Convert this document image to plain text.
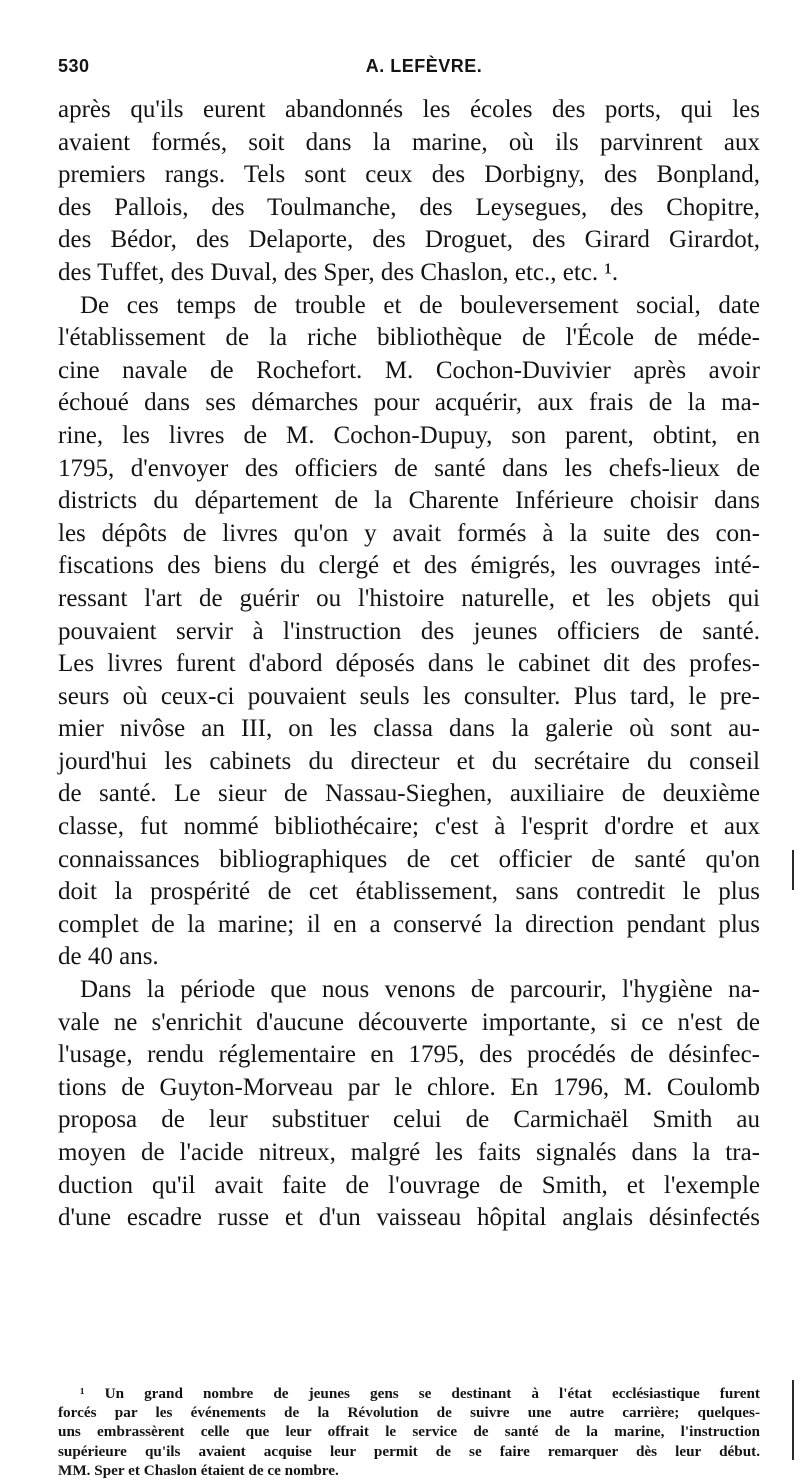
530	A. LEFÈVRE.
après qu'ils eurent abandonnés les écoles des ports, qui les
avaient formés, soit dans la marine, où ils parvinrent aux
premiers rangs. Tels sont ceux des Dorbigny, des Bonpland,
des Pallois, des Toulmanche, des Leysegues, des Chopitre,
des Bédor, des Delaporte, des Droguet, des Girard Girardot,
des Tuffet, des Duval, des Sper, des Chaslon, etc., etc. ¹.
De ces temps de trouble et de bouleversement social, date
l'établissement de la riche bibliothèque de l'École de méde-
cine navale de Rochefort. M. Cochon-Duvivier après avoir
échoué dans ses démarches pour acquérir, aux frais de la ma-
rine, les livres de M. Cochon-Dupuy, son parent, obtint, en
1795, d'envoyer des officiers de santé dans les chefs-lieux de
districts du département de la Charente Inférieure choisir dans
les dépôts de livres qu'on y avait formés à la suite des con-
fiscations des biens du clergé et des émigrés, les ouvrages inté-
ressant l'art de guérir ou l'histoire naturelle, et les objets qui
pouvaient servir à l'instruction des jeunes officiers de santé.
Les livres furent d'abord déposés dans le cabinet dit des profes-
seurs où ceux-ci pouvaient seuls les consulter. Plus tard, le pre-
mier nivôse an III, on les classa dans la galerie où sont au-
jourd'hui les cabinets du directeur et du secrétaire du conseil
de santé. Le sieur de Nassau-Sieghen, auxiliaire de deuxième
classe, fut nommé bibliothécaire; c'est à l'esprit d'ordre et aux
connaissances bibliographiques de cet officier de santé qu'on
doit la prospérité de cet établissement, sans contredit le plus
complet de la marine; il en a conservé la direction pendant plus
de 40 ans.
Dans la période que nous venons de parcourir, l'hygiène na-
vale ne s'enrichit d'aucune découverte importante, si ce n'est de
l'usage, rendu réglementaire en 1795, des procédés de désinfec-
tions de Guyton-Morveau par le chlore. En 1796, M. Coulomb
proposa de leur substituer celui de Carmichaël Smith au
moyen de l'acide nitreux, malgré les faits signalés dans la tra-
duction qu'il avait faite de l'ouvrage de Smith, et l'exemple
d'une escadre russe et d'un vaisseau hôpital anglais désinfectés
¹ Un grand nombre de jeunes gens se destinant à l'état ecclésiastique furent
forcés par les événements de la Révolution de suivre une autre carrière; quelques-
uns embrassèrent celle que leur offrait le service de santé de la marine, l'instruction
supérieure qu'ils avaient acquise leur permit de se faire remarquer dès leur début.
MM. Sper et Chaslon étaient de ce nombre.
